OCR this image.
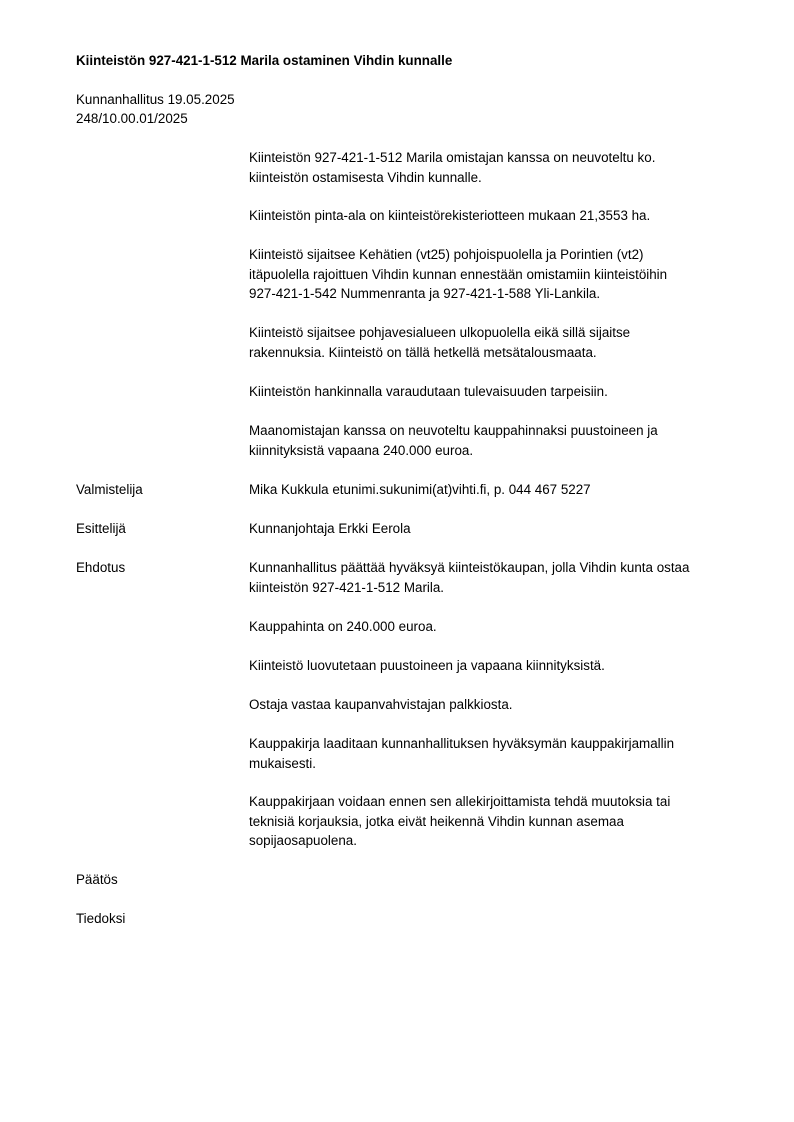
Kiinteistön 927-421-1-512 Marila ostaminen Vihdin kunnalle
Kunnanhallitus 19.05.2025
248/10.00.01/2025
Kiinteistön 927-421-1-512 Marila omistajan kanssa on neuvoteltu ko.
kiinteistön ostamisesta Vihdin kunnalle.
Kiinteistön pinta-ala on kiinteistörekisteriotteen mukaan 21,3553 ha.
Kiinteistö sijaitsee Kehätien (vt25) pohjoispuolella ja Porintien (vt2)
itäpuolella rajoittuen Vihdin kunnan ennestään omistamiin kiinteistöihin
927-421-1-542 Nummenranta ja 927-421-1-588 Yli-Lankila.
Kiinteistö sijaitsee pohjavesialueen ulkopuolella eikä sillä sijaitse
rakennuksia. Kiinteistö on tällä hetkellä metsätalousmaata.
Kiinteistön hankinnalla varaudutaan tulevaisuuden tarpeisiin.
Maanomistajan kanssa on neuvoteltu kauppahinnaksi puustoineen ja
kiinnityksistä vapaana 240.000 euroa.
Valmistelija	Mika Kukkula etunimi.sukunimi(at)vihti.fi, p. 044 467 5227
Esittelijä	Kunnanjohtaja Erkki Eerola
Ehdotus	Kunnanhallitus päättää hyväksyä kiinteistökaupan, jolla Vihdin kunta ostaa
kiinteistön 927-421-1-512 Marila.
Kauppahinta on 240.000 euroa.
Kiinteistö luovutetaan puustoineen ja vapaana kiinnityksistä.
Ostaja vastaa kaupanvahvistajan palkkiosta.
Kauppakirja laaditaan kunnanhallituksen hyväksymän kauppakirjamallin
mukaisesti.
Kauppakirjaan voidaan ennen sen allekirjoittamista tehdä muutoksia tai
teknisiä korjauksia, jotka eivät heikennä Vihdin kunnan asemaa
sopijaosapuolena.
Päätös
Tiedoksi
